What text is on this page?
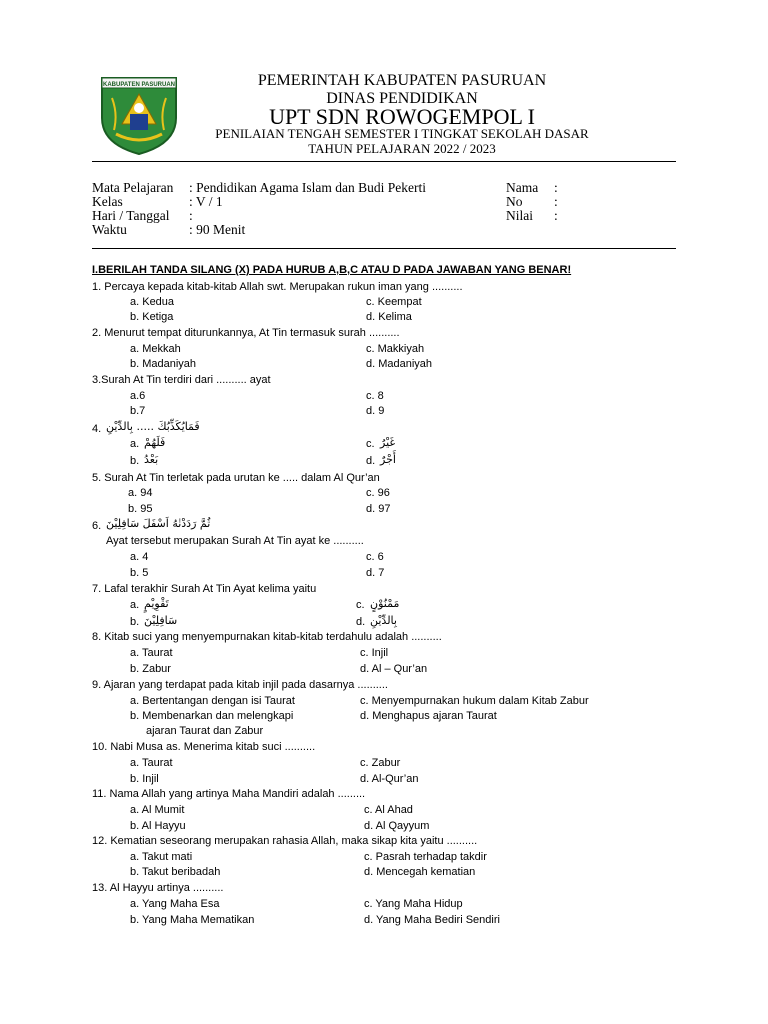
KABUPATEN PASURUAN	PEMERINTAH KABUPATEN PASURUAN
DINAS PENDIDIKAN
UPT SDN ROWOGEMPOL I
PENILAIAN TENGAH SEMESTER I TINGKAT SEKOLAH DASAR
TAHUN PELAJARAN 2022 / 2023
Mata Pelajaran : Pendidikan Agama Islam dan Budi Pekerti
Kelas	: V / 1
Hari / Tanggal :
Waktu	: 90 Menit
Nama :
No :
Nilai :
I.BERILAH TANDA SILANG (X) PADA HURUB A,B,C ATAU D PADA JAWABAN YANG BENAR!
1. Percaya kepada kitab-kitab Allah swt. Merupakan rukun iman yang ..........
a. Kedua	c. Keempat
b. Ketiga	d. Kelima
2. Menurut tempat diturunkannya, At Tin termasuk surah ..........
a. Mekkah	c. Makkiyah
b. Madaniyah	d. Madaniyah
3.Surah At Tin terdiri dari .......... ayat
a.6	c. 8
b.7	d. 9
4. فَمَايُكَذِّبُكَ ..... بِالدِّيْنِ
a. فَلَهُمْ	c. غَيْرُ
b. بَعْدُ	d. أَجْرٌ
5. Surah At Tin terletak pada urutan ke ..... dalam Al Qur’an
a. 94	c. 96
b. 95	d. 97
6. ثُمَّ رَدَدْنٰهُ اَسْفَلَ سَافِلِيْنَ
Ayat tersebut merupakan Surah At Tin ayat ke ..........
a. 4	c. 6
b. 5	d. 7
7. Lafal terakhir Surah At Tin Ayat kelima yaitu
a. تَقْوِيْمٍ	c. مَمْنُوْنٍ
b. سَافِلِيْنَ	d. بِالدِّيْنِ
8. Kitab suci yang menyempurnakan kitab-kitab terdahulu adalah ..........
a. Taurat	c. Injil
b. Zabur	d. Al – Qur’an
9. Ajaran yang terdapat pada kitab injil pada dasarnya ..........
a. Bertentangan dengan isi Taurat	c. Menyempurnakan hukum dalam Kitab Zabur
b. Membenarkan dan melengkapi	d. Menghapus ajaran Taurat
ajaran Taurat dan Zabur
10. Nabi Musa as. Menerima kitab suci ..........
a. Taurat	c. Zabur
b. Injil	d. Al-Qur’an
11. Nama Allah yang artinya Maha Mandiri adalah .........
a. Al Mumit	c. Al Ahad
b. Al Hayyu	d. Al Qayyum
12. Kematian seseorang merupakan rahasia Allah, maka sikap kita yaitu ..........
a. Takut mati	c. Pasrah terhadap takdir
b. Takut beribadah	d. Mencegah kematian
13. Al Hayyu artinya ..........
a. Yang Maha Esa	c. Yang Maha Hidup
b. Yang Maha Mematikan	d. Yang Maha Bediri Sendiri
